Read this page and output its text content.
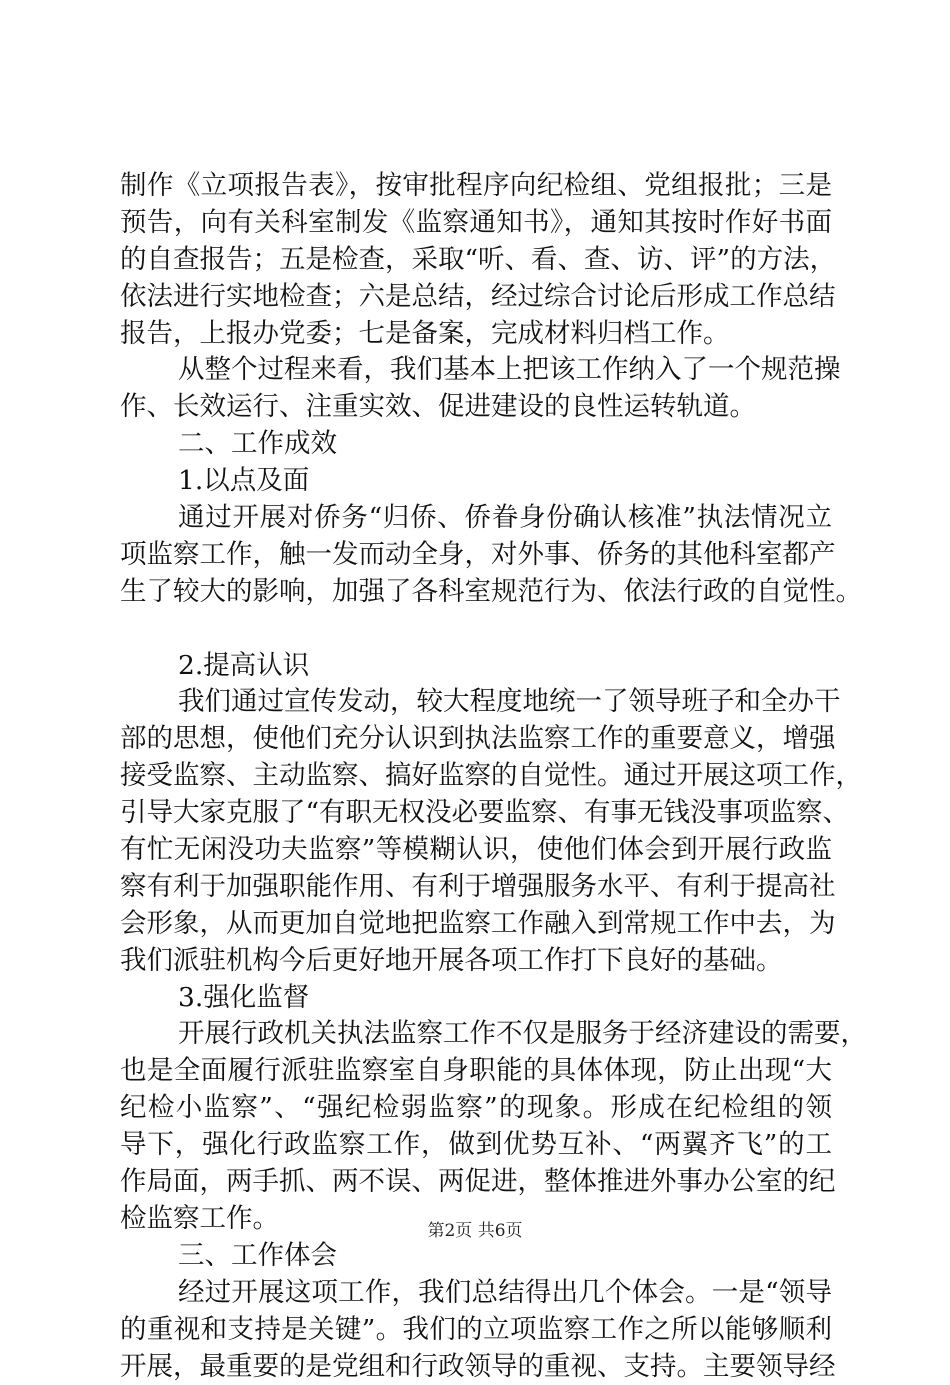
制作《立项报告表》，按审批程序向纪检组、党组报批；三是
预告，向有关科室制发《监察通知书》，通知其按时作好书面
的自查报告；五是检查，采取“听、看、查、访、评”的方法，
依法进行实地检查；六是总结，经过综合讨论后形成工作总结
报告，上报办党委；七是备案，完成材料归档工作。
从整个过程来看，我们基本上把该工作纳入了一个规范操
作、长效运行、注重实效、促进建设的良性运转轨道。
二、工作成效
1.以点及面
通过开展对侨务“归侨、侨眷身份确认核准”执法情况立
项监察工作，触一发而动全身，对外事、侨务的其他科室都产
生了较大的影响，加强了各科室规范行为、依法行政的自觉性。
2.提高认识
我们通过宣传发动，较大程度地统一了领导班子和全办干
部的思想，使他们充分认识到执法监察工作的重要意义，增强
接受监察、主动监察、搞好监察的自觉性。通过开展这项工作，
引导大家克服了“有职无权没必要监察、有事无钱没事项监察、
有忙无闲没功夫监察”等模糊认识，使他们体会到开展行政监
察有利于加强职能作用、有利于增强服务水平、有利于提高社
会形象，从而更加自觉地把监察工作融入到常规工作中去，为
我们派驻机构今后更好地开展各项工作打下良好的基础。
3.强化监督
开展行政机关执法监察工作不仅是服务于经济建设的需要，
也是全面履行派驻监察室自身职能的具体体现，防止出现“大
纪检小监察”、“强纪检弱监察”的现象。形成在纪检组的领
导下，强化行政监察工作，做到优势互补、“两翼齐飞”的工
作局面，两手抓、两不误、两促进，整体推进外事办公室的纪
检监察工作。
三、工作体会
经过开展这项工作，我们总结得出几个体会。一是“领导
的重视和支持是关键”。我们的立项监察工作之所以能够顺利
开展，最重要的是党组和行政领导的重视、支持。主要领导经
第2页 共6页
